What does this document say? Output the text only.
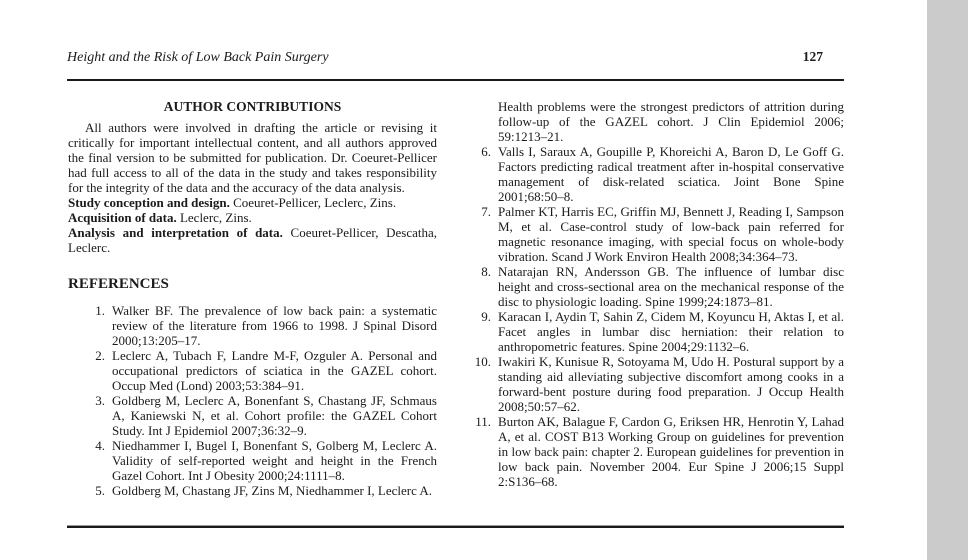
Height and the Risk of Low Back Pain Surgery	127
AUTHOR CONTRIBUTIONS

All authors were involved in drafting the article or revising it critically for important intellectual content, and all authors approved the final version to be submitted for publication. Dr. Coeuret-Pellicer had full access to all of the data in the study and takes responsibility for the integrity of the data and the accuracy of the data analysis.

Study conception and design. Coeuret-Pellicer, Leclerc, Zins.

Acquisition of data. Leclerc, Zins.

Analysis and interpretation of data. Coeuret-Pellicer, Descatha, Leclerc.

REFERENCES

1. Walker BF. The prevalence of low back pain: a systematic review of the literature from 1966 to 1998. J Spinal Disord 2000;13:205–17.

2. Leclerc A, Tubach F, Landre M-F, Ozguler A. Personal and occupational predictors of sciatica in the GAZEL cohort. Occup Med (Lond) 2003;53:384–91.

3. Goldberg M, Leclerc A, Bonenfant S, Chastang JF, Schmaus A, Kaniewski N, et al. Cohort profile: the GAZEL Cohort Study. Int J Epidemiol 2007;36:32–9.

4. Niedhammer I, Bugel I, Bonenfant S, Golberg M, Leclerc A. Validity of self-reported weight and height in the French Gazel Cohort. Int J Obesity 2000;24:1111–8.

5. Goldberg M, Chastang JF, Zins M, Niedhammer I, Leclerc A.

Health problems were the strongest predictors of attrition during follow-up of the GAZEL cohort. J Clin Epidemiol 2006; 59:1213–21.

6. Valls I, Saraux A, Goupille P, Khoreichi A, Baron D, Le Goff G. Factors predicting radical treatment after in-hospital conservative management of disk-related sciatica. Joint Bone Spine 2001;68:50–8.

7. Palmer KT, Harris EC, Griffin MJ, Bennett J, Reading I, Sampson M, et al. Case-control study of low-back pain referred for magnetic resonance imaging, with special focus on whole-body vibration. Scand J Work Environ Health 2008;34:364–73.

8. Natarajan RN, Andersson GB. The influence of lumbar disc height and cross-sectional area on the mechanical response of the disc to physiologic loading. Spine 1999;24:1873–81.

9. Karacan I, Aydin T, Sahin Z, Cidem M, Koyuncu H, Aktas I, et al. Facet angles in lumbar disc herniation: their relation to anthropometric features. Spine 2004;29:1132–6.

10. Iwakiri K, Kunisue R, Sotoyama M, Udo H. Postural support by a standing aid alleviating subjective discomfort among cooks in a forward-bent posture during food preparation. J Occup Health 2008;50:57–62.

11. Burton AK, Balague F, Cardon G, Eriksen HR, Henrotin Y, Lahad A, et al. COST B13 Working Group on guidelines for prevention in low back pain: chapter 2. European guidelines for prevention in low back pain. November 2004. Eur Spine J 2006;15 Suppl 2:S136–68.
